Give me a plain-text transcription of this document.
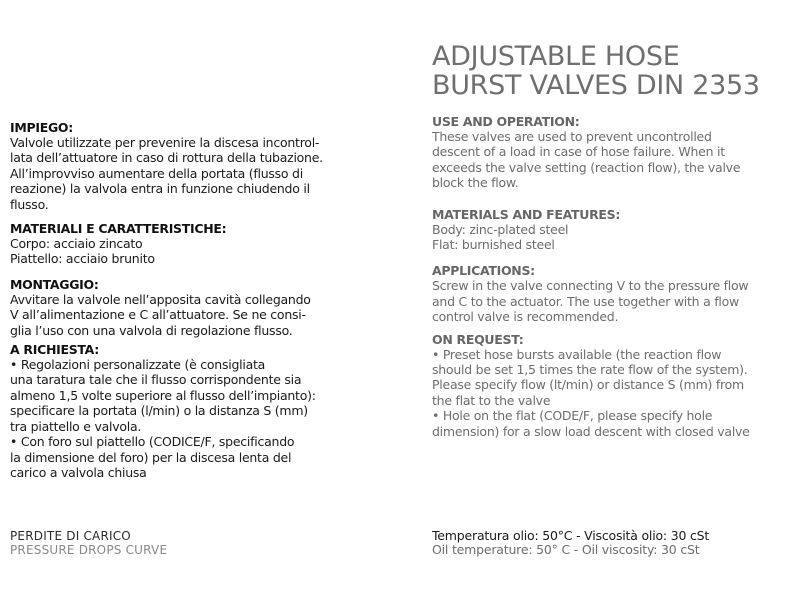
IMPIEGO:
Valvole utilizzate per prevenire la discesa incontrol-
lata dell’attuatore in caso di rottura della tubazione.
All’improvviso aumentare della portata (flusso di
reazione) la valvola entra in funzione chiudendo il
flusso.
MATERIALI E CARATTERISTICHE:
Corpo: acciaio zincato
Piattello: acciaio brunito
MONTAGGIO:
Avvitare la valvole nell’apposita cavità collegando
V all’alimentazione e C all’attuatore. Se ne consi-
glia l’uso con una valvola di regolazione flusso.
A RICHIESTA:
• Regolazioni personalizzate (è consigliata
una taratura tale che il flusso corrispondente sia
almeno 1,5 volte superiore al flusso dell’impianto):
specificare la portata (l/min) o la distanza S (mm)
tra piattello e valvola.
• Con foro sul piattello (CODICE/F, specificando
la dimensione del foro) per la discesa lenta del
carico a valvola chiusa
PERDITE DI CARICO
PRESSURE DROPS CURVE
ADJUSTABLE HOSE
BURST VALVES DIN 2353
USE AND OPERATION:
These valves are used to prevent uncontrolled
descent of a load in case of hose failure. When it
exceeds the valve setting (reaction flow), the valve
block the flow.
MATERIALS AND FEATURES:
Body: zinc-plated steel
Flat: burnished steel
APPLICATIONS:
Screw in the valve connecting V to the pressure flow
and C to the actuator. The use together with a flow
control valve is recommended.
ON REQUEST:
• Preset hose bursts available (the reaction flow
should be set 1,5 times the rate flow of the system).
Please specify flow (lt/min) or distance S (mm) from
the flat to the valve
• Hole on the flat (CODE/F, please specify hole
dimension) for a slow load descent with closed valve
Temperatura olio: 50°C - Viscosità olio: 30 cSt
Oil temperature: 50° C - Oil viscosity: 30 cSt
